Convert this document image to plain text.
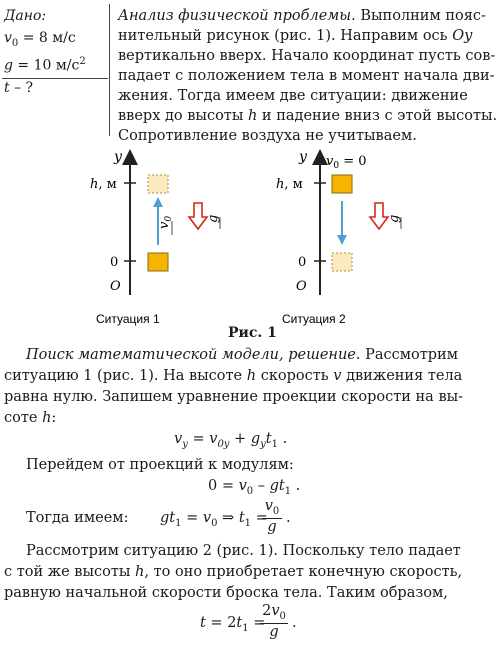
Дано:
$v_0 = 8$ м/с
g = 10 $м/с^2$
t – ?
Анализ физической проблемы. Выполним пояс-
нительный рисунок (рис. 1). Направим ось Oy
вертикально вверх. Начало координат пусть сов-
падает с положением тела в момент начала дви-
жения. Тогда имеем две ситуации: движение
вверх до высоты h и падение вниз с этой высоты.
Сопротивление воздуха не учитываем.
y
h, м
0
O
$v_0$ g
Ситуация 1
y
h, м
0
O
$v_0 = 0$
g
Ситуация 2
Рис. 1
Поиск математической модели, решение. Рассмотрим
ситуацию 1 (рис. 1). На высоте h скорость v движения тела
равна нулю. Запишем уравнение проекции скорости на вы-
соте h:
$v_y = v_{0y} + g_yt_1$ .
Перейдем от проекций к модулям:
$0 = v_0 - gt_1$ .
Тогда имеем: $gt_1 = v_0$ ⇒ $t_1$ =
$v_0$
g
.
Рассмотрим ситуацию 2 (рис. 1). Поскольку тело падает
с той же высоты h, то оно приобретает конечную скорость,
равную начальной скорости броска тела. Таким образом,
$t = 2t_1$ =
$2v_0$
g
.
